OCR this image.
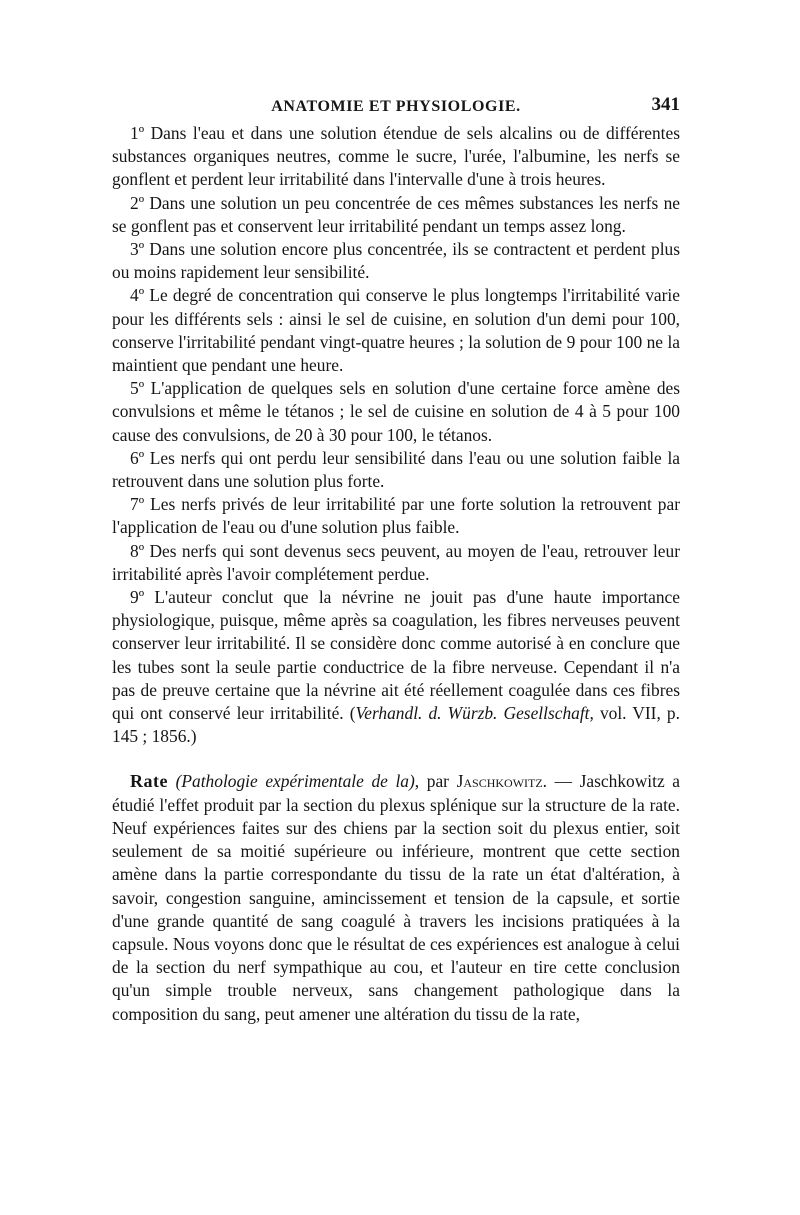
ANATOMIE ET PHYSIOLOGIE.	341

1º Dans l'eau et dans une solution étendue de sels alcalins ou de différentes substances organiques neutres, comme le sucre, l'urée, l'albumine, les nerfs se gonflent et perdent leur irritabilité dans l'intervalle d'une à trois heures.

2º Dans une solution un peu concentrée de ces mêmes substances les nerfs ne se gonflent pas et conservent leur irritabilité pendant un temps assez long.

3º Dans une solution encore plus concentrée, ils se contractent et perdent plus ou moins rapidement leur sensibilité.

4º Le degré de concentration qui conserve le plus longtemps l'irritabilité varie pour les différents sels : ainsi le sel de cuisine, en solution d'un demi pour 100, conserve l'irritabilité pendant vingt-quatre heures ; la solution de 9 pour 100 ne la maintient que pendant une heure.

5º L'application de quelques sels en solution d'une certaine force amène des convulsions et même le tétanos ; le sel de cuisine en solution de 4 à 5 pour 100 cause des convulsions, de 20 à 30 pour 100, le tétanos.

6º Les nerfs qui ont perdu leur sensibilité dans l'eau ou une solution faible la retrouvent dans une solution plus forte.

7º Les nerfs privés de leur irritabilité par une forte solution la retrouvent par l'application de l'eau ou d'une solution plus faible.

8º Des nerfs qui sont devenus secs peuvent, au moyen de l'eau, retrouver leur irritabilité après l'avoir complétement perdue.

9º L'auteur conclut que la névrine ne jouit pas d'une haute importance physiologique, puisque, même après sa coagulation, les fibres nerveuses peuvent conserver leur irritabilité. Il se considère donc comme autorisé à en conclure que les tubes sont la seule partie conductrice de la fibre nerveuse. Cependant il n'a pas de preuve certaine que la névrine ait été réellement coagulée dans ces fibres qui ont conservé leur irritabilité. (Verhandl. d. Würzb. Gesellschaft, vol. VII, p. 145 ; 1856.)

Rate (Pathologie expérimentale de la), par Jaschkowitz. — Jaschkowitz a étudié l'effet produit par la section du plexus splénique sur la structure de la rate. Neuf expériences faites sur des chiens par la section soit du plexus entier, soit seulement de sa moitié supérieure ou inférieure, montrent que cette section amène dans la partie correspondante du tissu de la rate un état d'altération, à savoir, congestion sanguine, amincissement et tension de la capsule, et sortie d'une grande quantité de sang coagulé à travers les incisions pratiquées à la capsule. Nous voyons donc que le résultat de ces expériences est analogue à celui de la section du nerf sympathique au cou, et l'auteur en tire cette conclusion qu'un simple trouble nerveux, sans changement pathologique dans la composition du sang, peut amener une altération du tissu de la rate,
